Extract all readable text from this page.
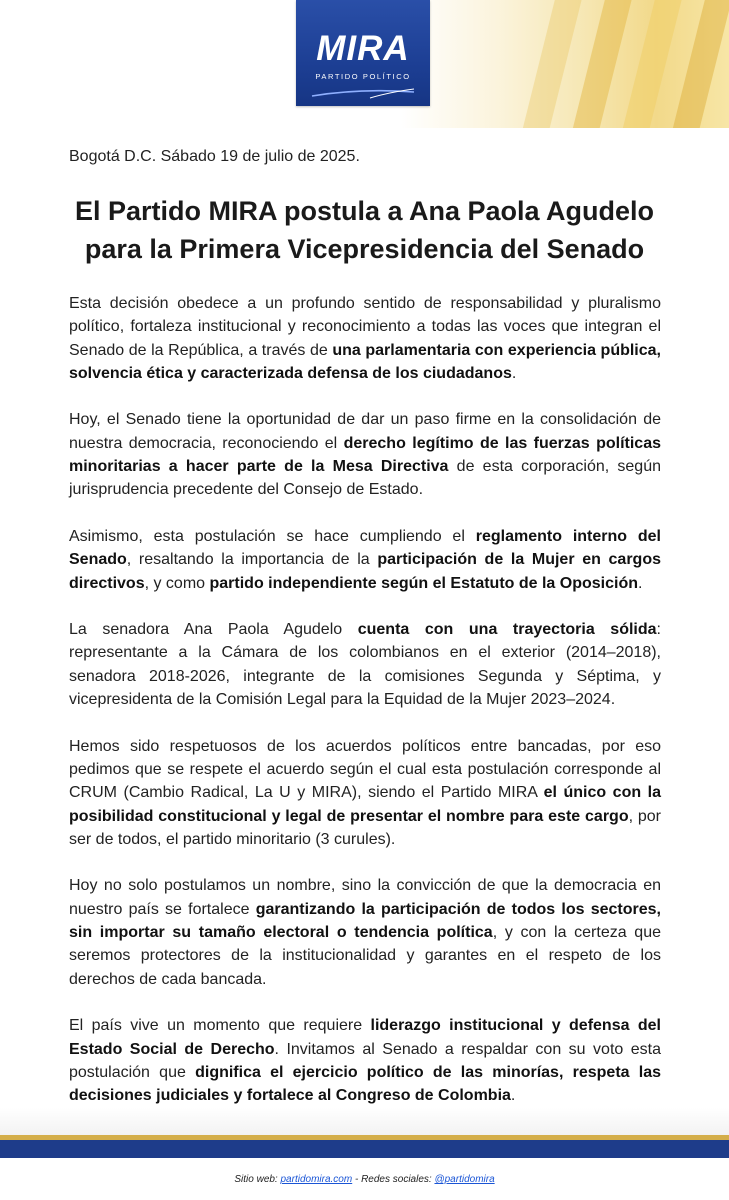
MIRA
PARTIDO POLÍTICO
Bogotá D.C. Sábado 19 de julio de 2025.
El Partido MIRA postula a Ana Paola Agudelo
para la Primera Vicepresidencia del Senado

Esta decisión obedece a un profundo sentido de responsabilidad y pluralismo político, fortaleza institucional y reconocimiento a todas las voces que integran el Senado de la República, a través de una parlamentaria con experiencia pública, solvencia ética y caracterizada defensa de los ciudadanos.

Hoy, el Senado tiene la oportunidad de dar un paso firme en la consolidación de nuestra democracia, reconociendo el derecho legítimo de las fuerzas políticas minoritarias a hacer parte de la Mesa Directiva de esta corporación, según jurisprudencia precedente del Consejo de Estado.

Asimismo, esta postulación se hace cumpliendo el reglamento interno del Senado, resaltando la importancia de la participación de la Mujer en cargos directivos, y como partido independiente según el Estatuto de la Oposición.

La senadora Ana Paola Agudelo cuenta con una trayectoria sólida: representante a la Cámara de los colombianos en el exterior (2014–2018), senadora 2018-2026, integrante de la comisiones Segunda y Séptima, y vicepresidenta de la Comisión Legal para la Equidad de la Mujer 2023–2024.

Hemos sido respetuosos de los acuerdos políticos entre bancadas, por eso pedimos que se respete el acuerdo según el cual esta postulación corresponde al CRUM (Cambio Radical, La U y MIRA), siendo el Partido MIRA el único con la posibilidad constitucional y legal de presentar el nombre para este cargo, por ser de todos, el partido minoritario (3 curules).

Hoy no solo postulamos un nombre, sino la convicción de que la democracia en nuestro país se fortalece garantizando la participación de todos los sectores, sin importar su tamaño electoral o tendencia política, y con la certeza que seremos protectores de la institucionalidad y garantes en el respeto de los derechos de cada bancada.

El país vive un momento que requiere liderazgo institucional y defensa del Estado Social de Derecho. Invitamos al Senado a respaldar con su voto esta postulación que dignifica el ejercicio político de las minorías, respeta las decisiones judiciales y fortalece al Congreso de Colombia.

Sitio web: partidomira.com - Redes sociales: @partidomira
